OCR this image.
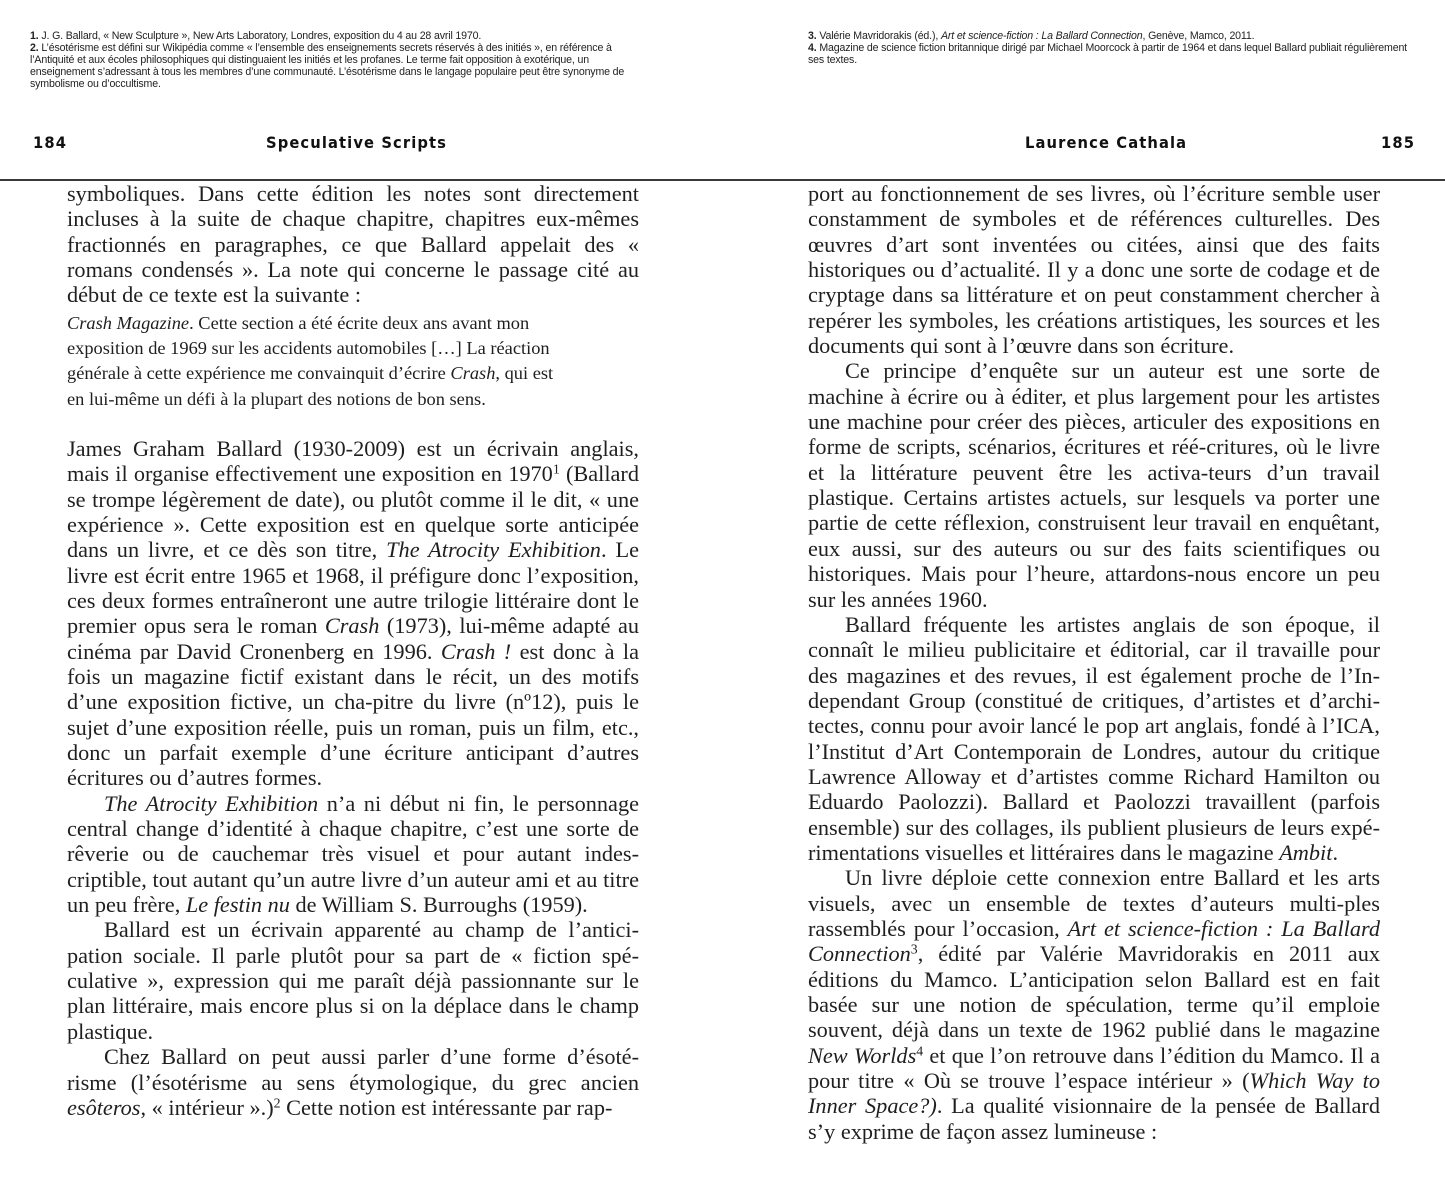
1. J. G. Ballard, « New Sculpture », New Arts Laboratory, Londres, exposition du 4 au 28 avril 1970.

2. L’ésotérisme est défini sur Wikipédia comme « l’ensemble des enseignements secrets réservés à des initiés », en référence à l’Antiquité et aux écoles philosophiques qui distinguaient les initiés et les profanes. Le terme fait opposition à exotérique, un enseignement s’adressant à tous les membres d’une communauté. L’ésotérisme dans le langage populaire peut être synonyme de symbolisme ou d’occultisme.

3. Valérie Mavridorakis (éd.), Art et science-fiction : La Ballard Connection, Genève, Mamco, 2011.

4. Magazine de science fiction britannique dirigé par Michael Moorcock à partir de 1964 et dans lequel Ballard publiait régulièrement ses textes.

184	Speculative Scripts	Laurence Cathala	185

symboliques. Dans cette édition les notes sont directement incluses à la suite de chaque chapitre, chapitres eux-mêmes fractionnés en paragraphes, ce que Ballard appelait des « romans condensés ». La note qui concerne le passage cité au début de ce texte est la suivante :

Crash Magazine. Cette section a été écrite deux ans avant mon exposition de 1969 sur les accidents automobiles […] La réaction générale à cette expérience me convainquit d’écrire Crash, qui est en lui-même un défi à la plupart des notions de bon sens.

James Graham Ballard (1930-2009) est un écrivain anglais, mais il organise effectivement une exposition en 1970$^1$ (Ballard se trompe légèrement de date), ou plutôt comme il le dit, « une expérience ». Cette exposition est en quelque sorte anticipée dans un livre, et ce dès son titre, The Atrocity Exhibition. Le livre est écrit entre 1965 et 1968, il préfigure donc l’exposition, ces deux formes entraîneront une autre trilogie littéraire dont le premier opus sera le roman Crash (1973), lui-même adapté au cinéma par David Cronenberg en 1996. Crash ! est donc à la fois un magazine fictif existant dans le récit, un des motifs d’une exposition fictive, un cha-pitre du livre (nº12), puis le sujet d’une exposition réelle, puis un roman, puis un film, etc., donc un parfait exemple d’une écriture anticipant d’autres écritures ou d’autres formes.

The Atrocity Exhibition n’a ni début ni fin, le personnage central change d’identité à chaque chapitre, c’est une sorte de rêverie ou de cauchemar très visuel et pour autant indes-criptible, tout autant qu’un autre livre d’un auteur ami et au titre un peu frère, Le festin nu de William S. Burroughs (1959).

Ballard est un écrivain apparenté au champ de l’antici-pation sociale. Il parle plutôt pour sa part de « fiction spé-culative », expression qui me paraît déjà passionnante sur le plan littéraire, mais encore plus si on la déplace dans le champ plastique.

Chez Ballard on peut aussi parler d’une forme d’ésoté-risme (l’ésotérisme au sens étymologique, du grec ancien esôteros, « intérieur ».)$^2$ Cette notion est intéressante par rap-

port au fonctionnement de ses livres, où l’écriture semble user constamment de symboles et de références culturelles. Des œuvres d’art sont inventées ou citées, ainsi que des faits historiques ou d’actualité. Il y a donc une sorte de codage et de cryptage dans sa littérature et on peut constamment chercher à repérer les symboles, les créations artistiques, les sources et les documents qui sont à l’œuvre dans son écriture.

Ce principe d’enquête sur un auteur est une sorte de machine à écrire ou à éditer, et plus largement pour les artistes une machine pour créer des pièces, articuler des expositions en forme de scripts, scénarios, écritures et réé-critures, où le livre et la littérature peuvent être les activa-teurs d’un travail plastique. Certains artistes actuels, sur lesquels va porter une partie de cette réflexion, construisent leur travail en enquêtant, eux aussi, sur des auteurs ou sur des faits scientifiques ou historiques. Mais pour l’heure, attardons-nous encore un peu sur les années 1960.

Ballard fréquente les artistes anglais de son époque, il connaît le milieu publicitaire et éditorial, car il travaille pour des magazines et des revues, il est également proche de l’In-dependant Group (constitué de critiques, d’artistes et d’archi-tectes, connu pour avoir lancé le pop art anglais, fondé à l’ICA, l’Institut d’Art Contemporain de Londres, autour du critique Lawrence Alloway et d’artistes comme Richard Hamilton ou Eduardo Paolozzi). Ballard et Paolozzi travaillent (parfois ensemble) sur des collages, ils publient plusieurs de leurs expé-rimentations visuelles et littéraires dans le magazine Ambit.

Un livre déploie cette connexion entre Ballard et les arts visuels, avec un ensemble de textes d’auteurs multi-ples rassemblés pour l’occasion, Art et science-fiction : La Ballard Connection$^3$, édité par Valérie Mavridorakis en 2011 aux éditions du Mamco. L’anticipation selon Ballard est en fait basée sur une notion de spéculation, terme qu’il emploie souvent, déjà dans un texte de 1962 publié dans le magazine New Worlds$^4$ et que l’on retrouve dans l’édition du Mamco. Il a pour titre « Où se trouve l’espace intérieur » (Which Way to Inner Space?). La qualité visionnaire de la pensée de Ballard s’y exprime de façon assez lumineuse :
